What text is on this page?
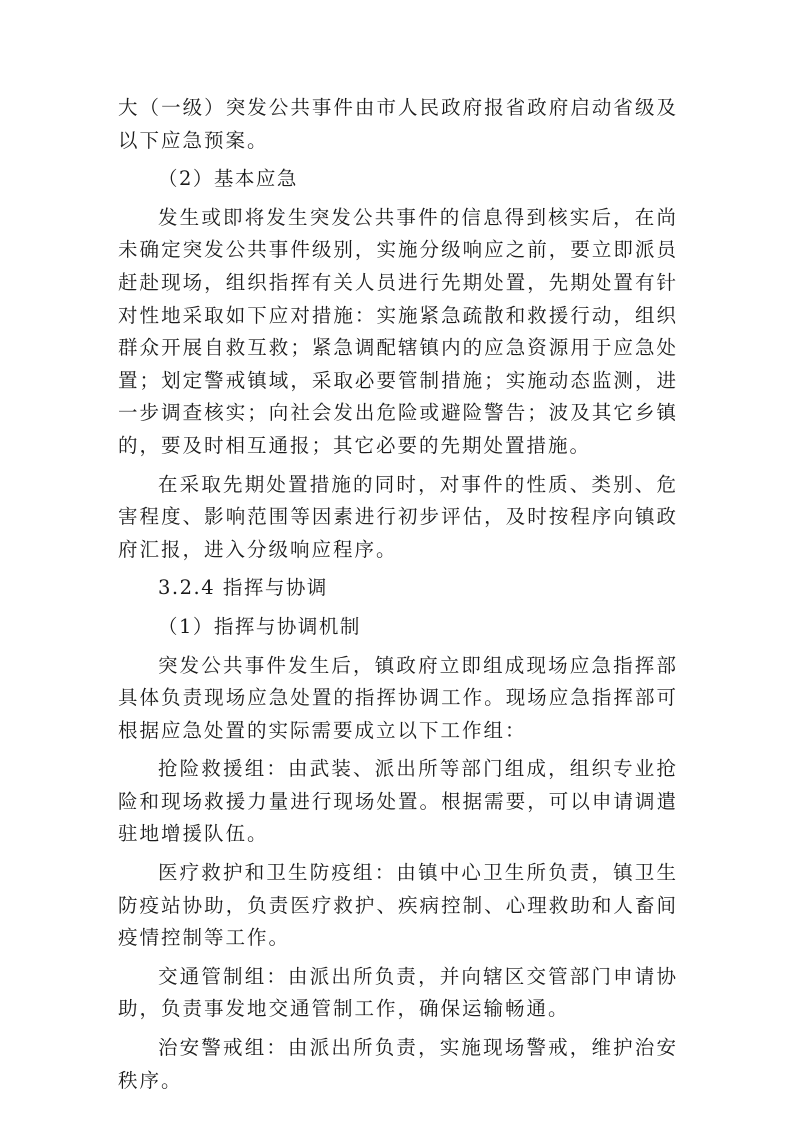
大（一级）突发公共事件由市人民政府报省政府启动省级及以下应急预案。

（2）基本应急

发生或即将发生突发公共事件的信息得到核实后，在尚未确定突发公共事件级别，实施分级响应之前，要立即派员赶赴现场，组织指挥有关人员进行先期处置，先期处置有针对性地采取如下应对措施：实施紧急疏散和救援行动，组织群众开展自救互救；紧急调配辖镇内的应急资源用于应急处置；划定警戒镇域，采取必要管制措施；实施动态监测，进一步调查核实；向社会发出危险或避险警告；波及其它乡镇的，要及时相互通报；其它必要的先期处置措施。

在采取先期处置措施的同时，对事件的性质、类别、危害程度、影响范围等因素进行初步评估，及时按程序向镇政府汇报，进入分级响应程序。

3.2.4 指挥与协调

（1）指挥与协调机制

突发公共事件发生后，镇政府立即组成现场应急指挥部具体负责现场应急处置的指挥协调工作。现场应急指挥部可根据应急处置的实际需要成立以下工作组：

抢险救援组：由武装、派出所等部门组成，组织专业抢险和现场救援力量进行现场处置。根据需要，可以申请调遣驻地增援队伍。

医疗救护和卫生防疫组：由镇中心卫生所负责，镇卫生防疫站协助，负责医疗救护、疾病控制、心理救助和人畜间疫情控制等工作。

交通管制组：由派出所负责，并向辖区交管部门申请协助，负责事发地交通管制工作，确保运输畅通。

治安警戒组：由派出所负责，实施现场警戒，维护治安秩序。
